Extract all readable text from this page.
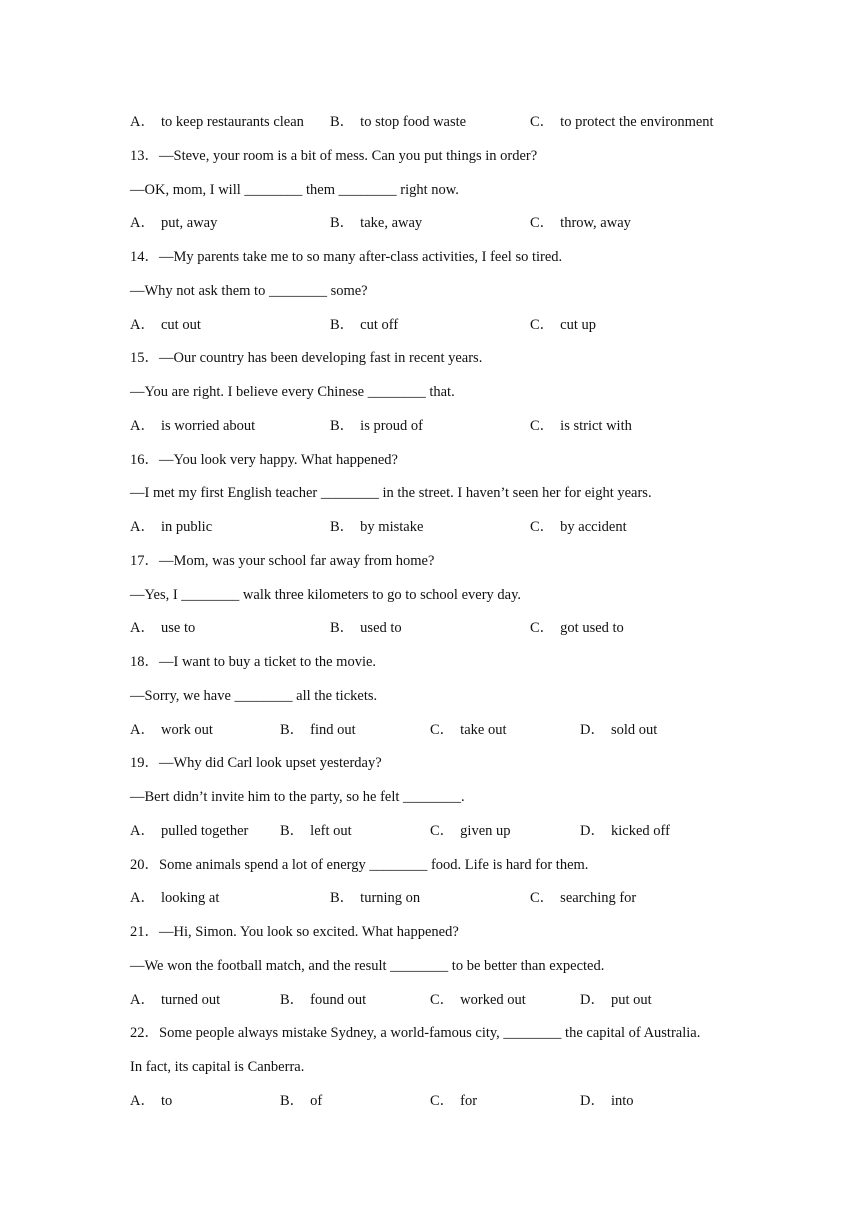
A． to keep restaurants clean B． to stop food waste	C． to protect the environment
13．—Steve, your room is a bit of mess. Can you put things in order?
—OK, mom, I will ________ them ________ right now.
A． put, away	B． take, away	C． throw, away
14．—My parents take me to so many after-class activities, I feel so tired.
—Why not ask them to ________ some?
A． cut out	B． cut off	C． cut up
15．—Our country has been developing fast in recent years.
—You are right. I believe every Chinese ________ that.
A． is worried about	B． is proud of	C． is strict with
16．—You look very happy. What happened?
—I met my first English teacher ________ in the street. I haven’t seen her for eight years.
A． in public	B． by mistake	C． by accident
17．—Mom, was your school far away from home?
—Yes, I ________ walk three kilometers to go to school every day.
A． use to	B． used to	C． got used to
18．—I want to buy a ticket to the movie.
—Sorry, we have ________ all the tickets.
A． work out	B． find out	C． take out	D． sold out
19．—Why did Carl look upset yesterday?
—Bert didn’t invite him to the party, so he felt ________.
A． pulled together B． left out	C． given up	D． kicked off
20．Some animals spend a lot of energy ________ food. Life is hard for them.
A． looking at	B． turning on	C． searching for
21．—Hi, Simon. You look so excited. What happened?
—We won the football match, and the result ________ to be better than expected.
A． turned out	B． found out	C． worked out	D． put out
22．Some people always mistake Sydney, a world-famous city, ________ the capital of Australia.
In fact, its capital is Canberra.
A． to	B． of	C． for	D． into
